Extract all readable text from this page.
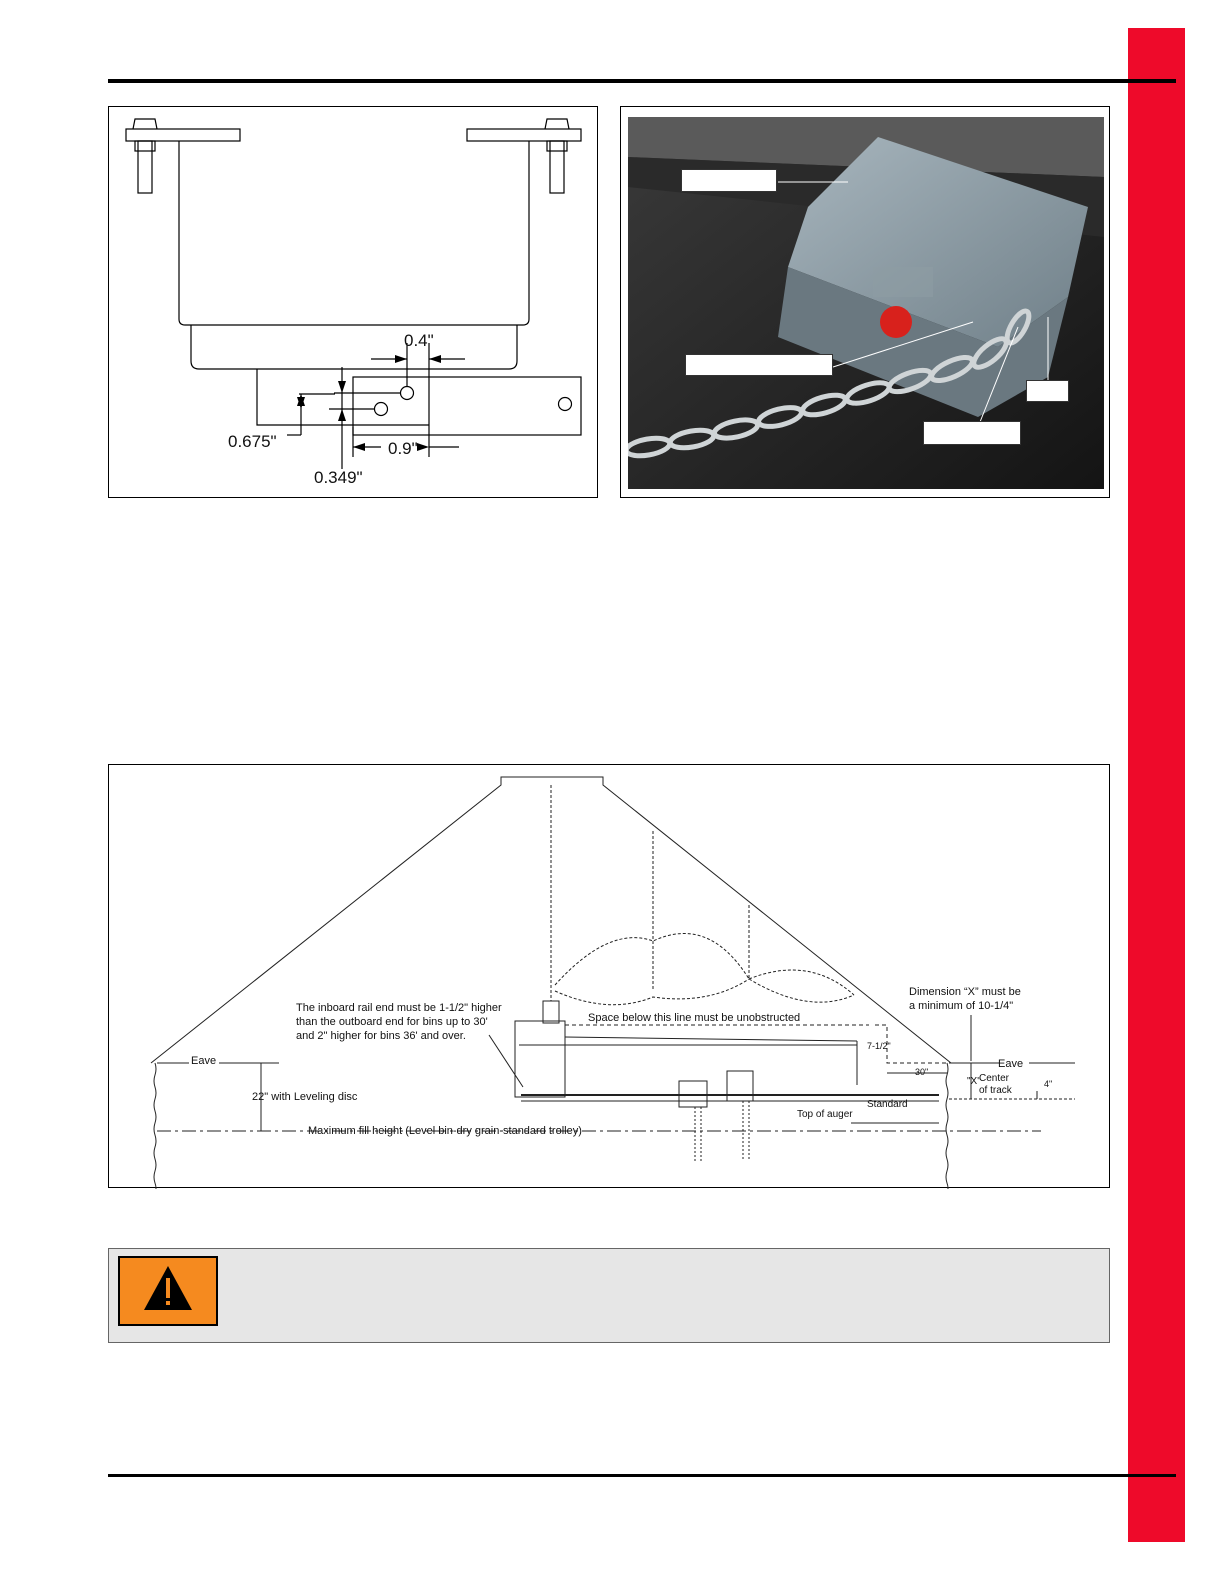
0.4"
0.675"	0.9"
0.349"
The inboard rail end must be 1-1/2" higher
than the outboard end for bins up to 30'
and 2" higher for bins 36' and over.
Space below this line must be unobstructed
Dimension “X” must be
a minimum of 10-1/4"
Eave	Eave
22" with Leveling disc
Maximum fill height (Level bin-dry grain-standard trolley)
7-1/2"
30"
"X"
Center
of track
4"
Standard
Top of auger
